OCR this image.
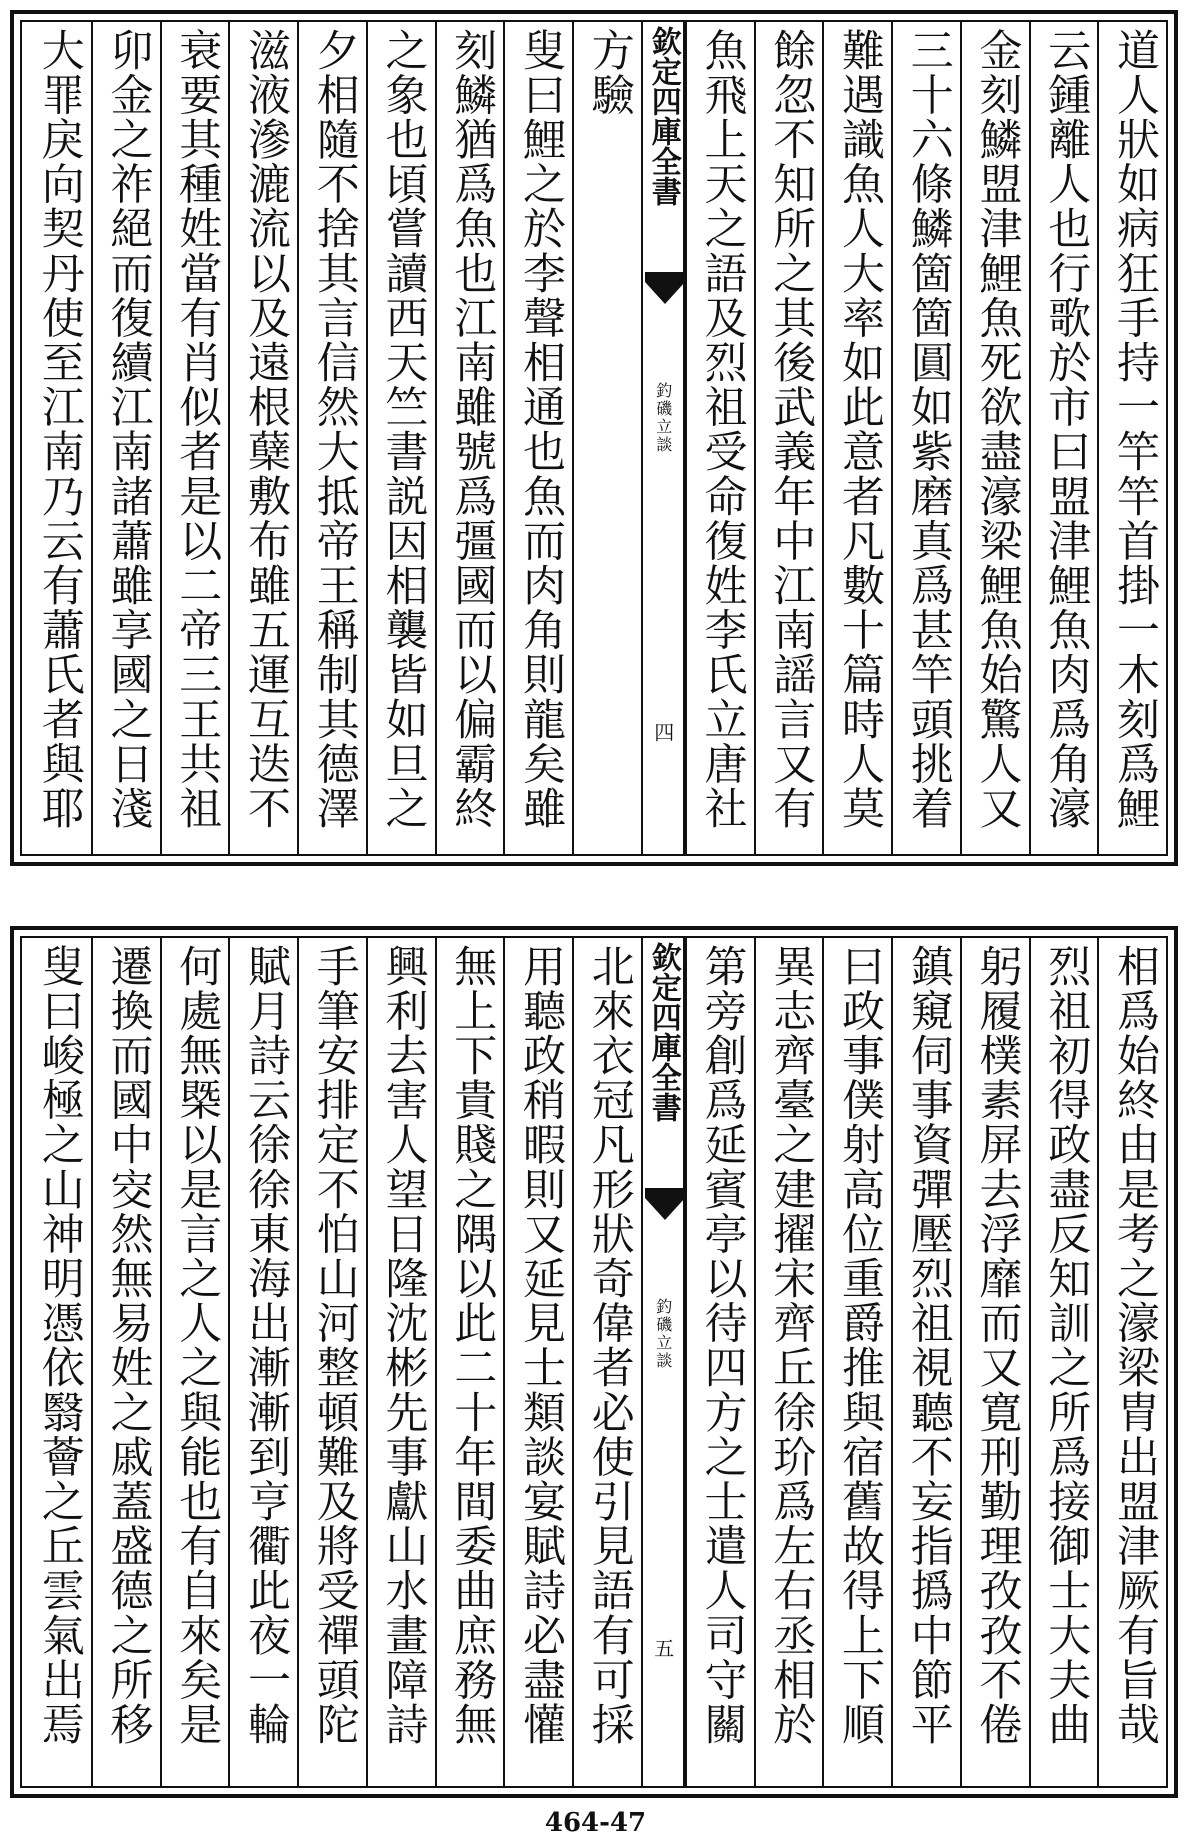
道人狀如病狂手持一竿竿首掛一木刻爲鯉
云鍾離人也行歌於市曰盟津鯉魚肉爲角濠
金刻鱗盟津鯉魚死欲盡濠梁鯉魚始驚人又
三十六條鱗箇箇圓如紫磨真爲甚竿頭挑着
難遇識魚人大率如此意者凡數十篇時人莫
餘忽不知所之其後武義年中江南謡言又有
魚飛上天之語及烈祖受命復姓李氏立唐社
欽定四庫全書
釣磯立談
四
方驗
叟曰鯉之於李聲相通也魚而肉角則龍矣雖
刻鱗猶爲魚也江南雖號爲彊國而以偏霸終
之象也頃嘗讀西天竺書説因相襲皆如旦之
夕相隨不捨其言信然大抵帝王稱制其德澤
滋液滲漉流以及遠根蘖敷布雖五運互迭不
衰要其種姓當有肖似者是以二帝三王共祖
卯金之祚絕而復續江南諸蕭雖享國之日淺
大罪戾向契丹使至江南乃云有蕭氏者與耶
相爲始終由是考之濠梁胄出盟津厥有旨哉
烈祖初得政盡反知訓之所爲接御士大夫曲
躬履樸素屏去浮靡而又寛刑勤理孜孜不倦
鎮窺伺事資彈壓烈祖視聽不妄指撝中節平
曰政事僕射高位重爵推與宿舊故得上下順
異志齊臺之建擢宋齊丘徐玠爲左右丞相於
第旁創爲延賓亭以待四方之士遣人司守關
欽定四庫全書
釣磯立談
五
北來衣冠凡形狀奇偉者必使引見語有可採
用聽政稍暇則又延見士類談宴賦詩必盡懽
無上下貴賤之隅以此二十年間委曲庶務無
興利去害人望日隆沈彬先事獻山水畫障詩
手筆安排定不怕山河整頓難及將受禪頭陀
賦月詩云徐徐東海出漸漸到亨衢此夜一輪
何處無槩以是言之人之與能也有自來矣是
遷換而國中㝔然無易姓之戚蓋盛德之所移
叟曰峻極之山神明憑依翳薈之丘雲氣出焉
464-47
